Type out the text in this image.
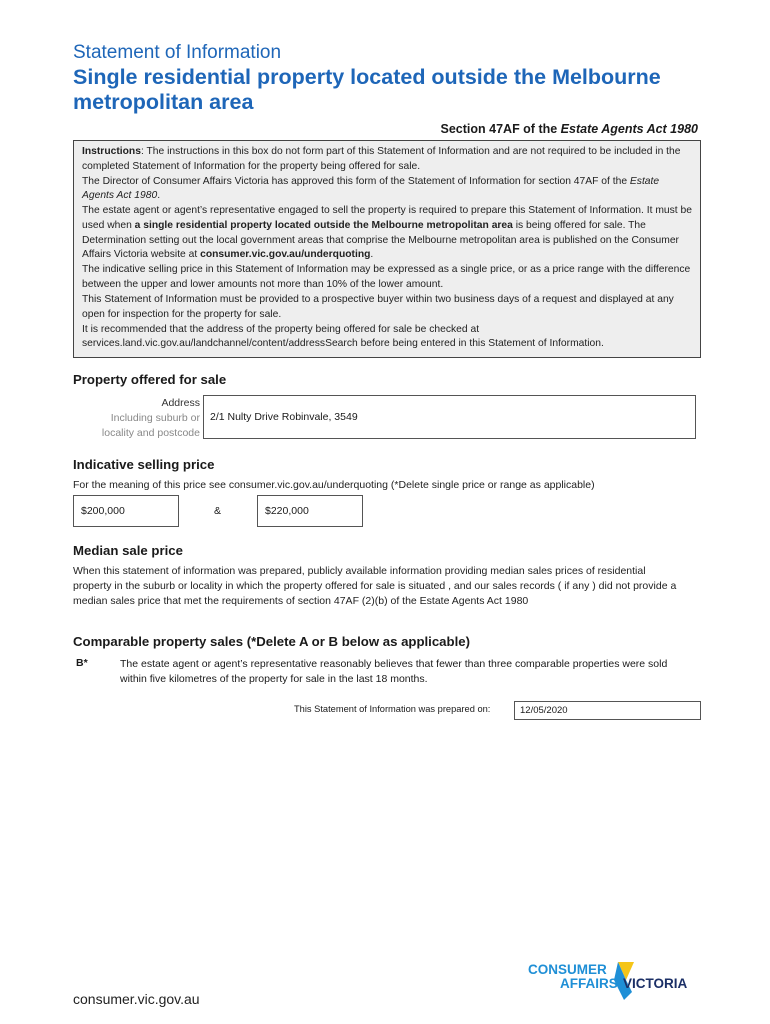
Statement of Information
Single residential property located outside the Melbourne metropolitan area
Section 47AF of the Estate Agents Act 1980

Instructions: The instructions in this box do not form part of this Statement of Information and are not required to be included in the completed Statement of Information for the property being offered for sale.

The Director of Consumer Affairs Victoria has approved this form of the Statement of Information for section 47AF of the Estate Agents Act 1980.

The estate agent or agent’s representative engaged to sell the property is required to prepare this Statement of Information. It must be used when a single residential property located outside the Melbourne metropolitan area is being offered for sale. The Determination setting out the local government areas that comprise the Melbourne metropolitan area is published on the Consumer Affairs Victoria website at consumer.vic.gov.au/underquoting.

The indicative selling price in this Statement of Information may be expressed as a single price, or as a price range with the difference between the upper and lower amounts not more than 10% of the lower amount.

This Statement of Information must be provided to a prospective buyer within two business days of a request and displayed at any open for inspection for the property for sale.

It is recommended that the address of the property being offered for sale be checked at services.land.vic.gov.au/landchannel/content/addressSearch before being entered in this Statement of Information.

Property offered for sale
Address
Including suburb or
locality and postcode
2/1 Nulty Drive Robinvale, 3549
Indicative selling price
For the meaning of this price see consumer.vic.gov.au/underquoting (*Delete single price or range as applicable)
$200,000	&	$220,000
Median sale price
When this statement of information was prepared, publicly available information providing median sales prices of residential property in the suburb or locality in which the property offered for sale is situated , and our sales records ( if any ) did not provide a median sales price that met the requirements of section 47AF (2)(b) of the Estate Agents Act 1980
Comparable property sales (*Delete A or B below as applicable)
B*	The estate agent or agent’s representative reasonably believes that fewer than three comparable properties were sold within five kilometres of the property for sale in the last 18 months.
This Statement of Information was prepared on:	12/05/2020
CONSUMER
AFFAIRS VICTORIA
consumer.vic.gov.au
